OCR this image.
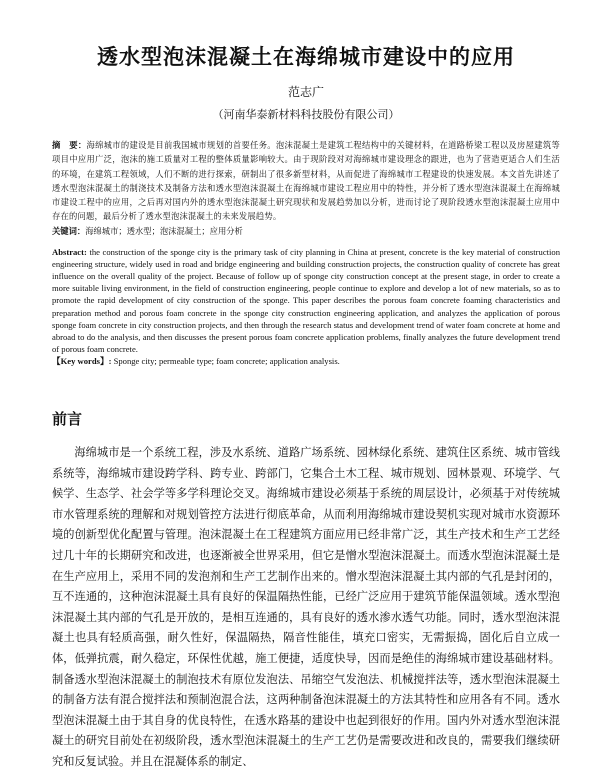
透水型泡沫混凝土在海绵城市建设中的应用
范志广
（河南华泰新材料科技股份有限公司）
摘　要：海绵城市的建设是目前我国城市规划的首要任务。泡沫混凝土是建筑工程结构中的关键材料，在道路桥梁工程以及房屋建筑等项目中应用广泛，泡沫的施工质量对工程的整体质量影响较大。由于现阶段对对海绵城市建设理念的跟进，也为了营造更适合人们生活的环境，在建筑工程领域，人们不断的进行探索，研制出了很多新型材料，从而促进了海绵城市工程建设的快速发展。本文首先讲述了透水型泡沫混凝土的制浇技术及制备方法和透水型泡沫混凝土在海绵城市建设工程应用中的特性，并分析了透水型泡沫混凝土在海绵城市建设工程中的应用，之后再对国内外的透水型泡沫混凝土研究现状和发展趋势加以分析，进而讨论了现阶段透水型泡沫混凝土应用中存在的问题，最后分析了透水型泡沫混凝土的未来发展趋势。
关键词：海绵城市；透水型；泡沫混凝土；应用分析
Abstract: the construction of the sponge city is the primary task of city planning in China at present, concrete is the key material of construction engineering structure, widely used in road and bridge engineering and building construction projects, the construction quality of concrete has great influence on the overall quality of the project. Because of follow up of sponge city construction concept at the present stage, in order to create a more suitable living environment, in the field of construction engineering, people continue to explore and develop a lot of new materials, so as to promote the rapid development of city construction of the sponge. This paper describes the porous foam concrete foaming characteristics and preparation method and porous foam concrete in the sponge city construction engineering application, and analyzes the application of porous sponge foam concrete in city construction projects, and then through the research status and development trend of water foam concrete at home and abroad to do the analysis, and then discusses the present porous foam concrete application problems, finally analyzes the future development trend of porous foam concrete.
【Key words】: Sponge city; permeable type; foam concrete; application analysis.
前言

海绵城市是一个系统工程，涉及水系统、道路广场系统、园林绿化系统、建筑住区系统、城市管线系统等，海绵城市建设跨学科、跨专业、跨部门，它集合土木工程、城市规划、园林景观、环境学、气候学、生态学、社会学等多学科理论交叉。海绵城市建设必须基于系统的周层设计，必须基于对传统城市水管理系统的理解和对规划管控方法进行彻底革命，从而利用海绵城市建设契机实现对城市水资源环境的创新型优化配置与管理。泡沫混凝土在工程建筑方面应用已经非常广泛，其生产技术和生产工艺经过几十年的长期研究和改进，也逐渐被全世界采用，但它是憎水型泡沫混凝土。而透水型泡沫混凝土是在生产应用上，采用不同的发泡剂和生产工艺制作出来的。憎水型泡沫混凝土其内部的气孔是封闭的，互不连通的，这种泡沫混凝土具有良好的保温隔热性能，已经广泛应用于建筑节能保温领域。透水型泡沫混凝土其内部的气孔是开放的，是相互连通的，具有良好的透水渗水透气功能。同时，透水型泡沫混凝土也具有轻质高强，耐久性好，保温隔热，隔音性能佳，填充口密实，无需振捣，固化后自立成一体，低弹抗震，耐久稳定，环保性优越，施工便捷，适度快导，因而是绝佳的海绵城市建设基础材料。制备透水型泡沫混凝土的制泡技术有原位发泡法、吊缩空气发泡法、机械搅拌法等，透水型泡沫混凝土的制备方法有混合搅拌法和预制泡混合法，这两种制备泡沫混凝土的方法其特性和应用各有不同。透水型泡沫混凝土由于其自身的优良特性，在透水路基的建设中也起到很好的作用。国内外对透水型泡沫混凝土的研究目前处在初级阶段，透水型泡沫混凝土的生产工艺仍是需要改进和改良的，需要我们继续研究和反复试验。并且在混凝体系的制定、
